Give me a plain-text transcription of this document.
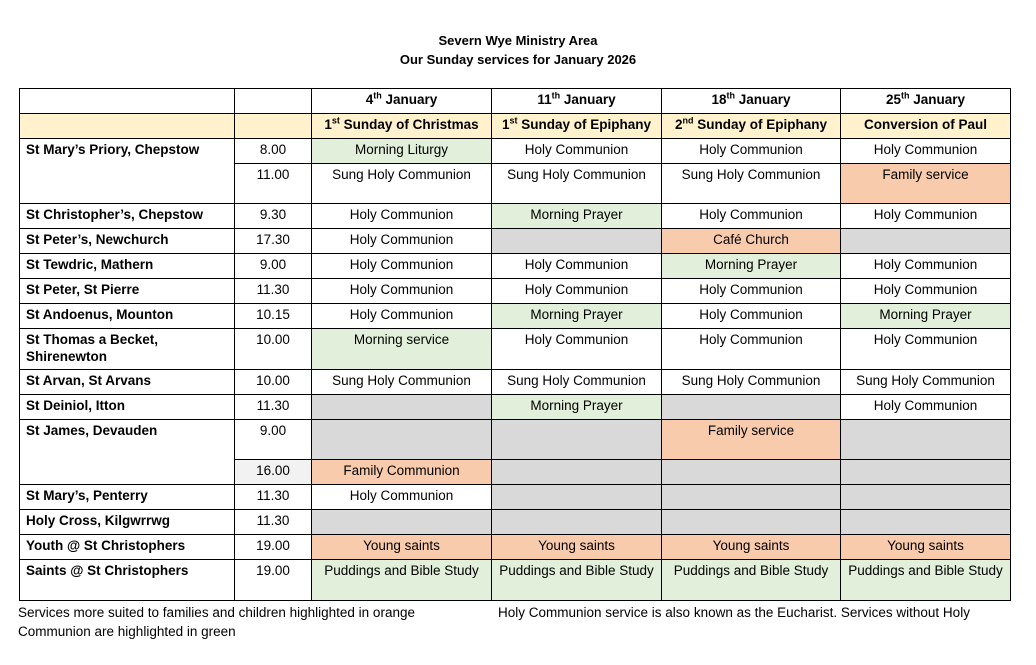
Severn Wye Ministry Area
Our Sunday services for January 2026
		4th January	11th January	18th January	25th January
		1st Sunday of Christmas	1st Sunday of Epiphany	2nd Sunday of Epiphany	Conversion of Paul
St Mary’s Priory, Chepstow	8.00	Morning Liturgy	Holy Communion	Holy Communion	Holy Communion
	11.00	Sung Holy Communion	Sung Holy Communion	Sung Holy Communion	Family service
St Christopher’s, Chepstow	9.30	Holy Communion	Morning Prayer	Holy Communion	Holy Communion
St Peter’s, Newchurch	17.30	Holy Communion		Café Church	
St Tewdric, Mathern	9.00	Holy Communion	Holy Communion	Morning Prayer	Holy Communion
St Peter, St Pierre	11.30	Holy Communion	Holy Communion	Holy Communion	Holy Communion
St Andoenus, Mounton	10.15	Holy Communion	Morning Prayer	Holy Communion	Morning Prayer
St Thomas a Becket, Shirenewton	10.00	Morning service	Holy Communion	Holy Communion	Holy Communion
St Arvan, St Arvans	10.00	Sung Holy Communion	Sung Holy Communion	Sung Holy Communion	Sung Holy Communion
St Deiniol, Itton	11.30		Morning Prayer		Holy Communion
St James, Devauden	9.00			Family service	
	16.00	Family Communion			
St Mary’s, Penterry	11.30	Holy Communion			
Holy Cross, Kilgwrrwg	11.30				
Youth @ St Christophers	19.00	Young saints	Young saints	Young saints	Young saints
Saints @ St Christophers	19.00	Puddings and Bible Study	Puddings and Bible Study	Puddings and Bible Study	Puddings and Bible Study
Services more suited to families and children highlighted in orange	Holy Communion service is also known as the Eucharist. Services without Holy
Communion are highlighted in green
